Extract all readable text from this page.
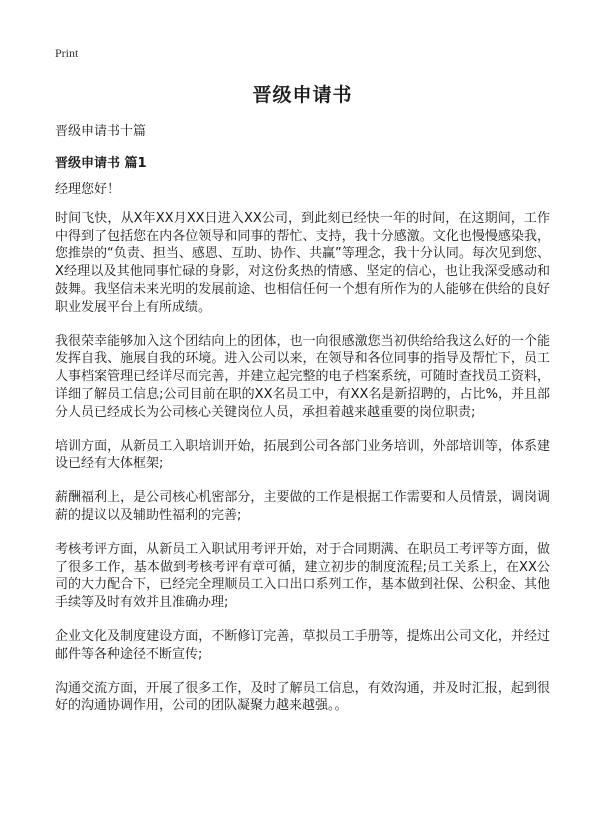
Print
晋级申请书

晋级申请书十篇

晋级申请书 篇1

经理您好！

时间飞快，从X年XX月XX日进入XX公司，到此刻已经快一年的时间，在这期间，工作中得到了包括您在内各位领导和同事的帮忙、支持，我十分感激。文化也慢慢感染我，您推崇的“负责、担当、感恩、互助、协作、共赢”等理念，我十分认同。每次见到您、X经理以及其他同事忙碌的身影，对这份炙热的情感、坚定的信心，也让我深受感动和鼓舞。我坚信未来光明的发展前途、也相信任何一个想有所作为的人能够在供给的良好职业发展平台上有所成绩。

我很荣幸能够加入这个团结向上的团体，也一向很感激您当初供给给我这么好的一个能发挥自我、施展自我的环境。进入公司以来，在领导和各位同事的指导及帮忙下，员工人事档案管理已经详尽而完善，并建立起完整的电子档案系统，可随时查找员工资料，详细了解员工信息;公司目前在职的XX名员工中，有XX名是新招聘的，占比%，并且部分人员已经成长为公司核心关键岗位人员，承担着越来越重要的岗位职责;

培训方面，从新员工入职培训开始，拓展到公司各部门业务培训，外部培训等，体系建设已经有大体框架;

薪酬福利上，是公司核心机密部分，主要做的工作是根据工作需要和人员情景，调岗调薪的提议以及辅助性福利的完善;

考核考评方面，从新员工入职试用考评开始，对于合同期满、在职员工考评等方面，做了很多工作，基本做到考核考评有章可循，建立初步的制度流程;员工关系上，在XX公司的大力配合下，已经完全理顺员工入口出口系列工作，基本做到社保、公积金、其他手续等及时有效并且准确办理;

企业文化及制度建设方面，不断修订完善，草拟员工手册等，提炼出公司文化，并经过邮件等各种途径不断宣传;

沟通交流方面，开展了很多工作，及时了解员工信息，有效沟通，并及时汇报，起到很好的沟通协调作用，公司的团队凝聚力越来越强。。
